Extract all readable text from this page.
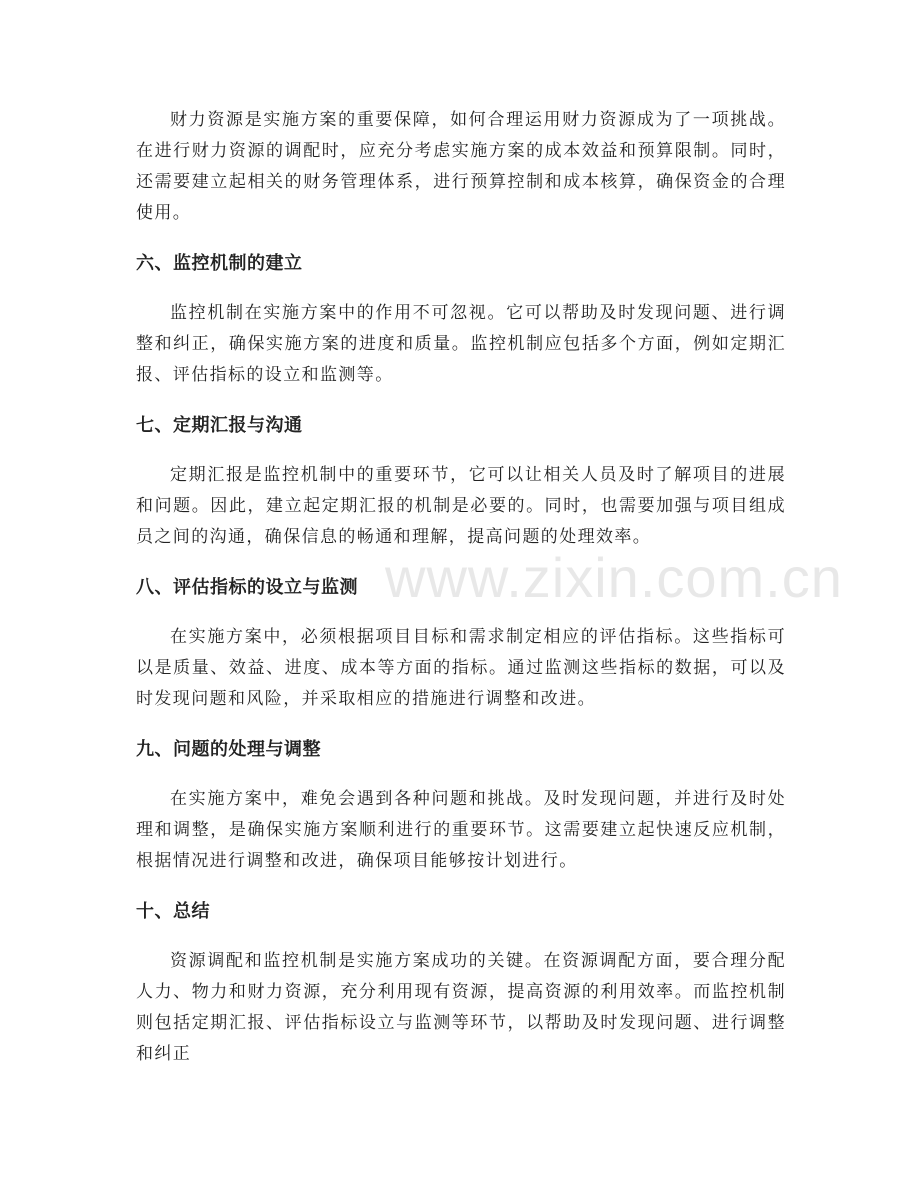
www.zixin.com.cn

财力资源是实施方案的重要保障，如何合理运用财力资源成为了一项挑战。在进行财力资源的调配时，应充分考虑实施方案的成本效益和预算限制。同时，还需要建立起相关的财务管理体系，进行预算控制和成本核算，确保资金的合理使用。

六、监控机制的建立

监控机制在实施方案中的作用不可忽视。它可以帮助及时发现问题、进行调整和纠正，确保实施方案的进度和质量。监控机制应包括多个方面，例如定期汇报、评估指标的设立和监测等。

七、定期汇报与沟通

定期汇报是监控机制中的重要环节，它可以让相关人员及时了解项目的进展和问题。因此，建立起定期汇报的机制是必要的。同时，也需要加强与项目组成员之间的沟通，确保信息的畅通和理解，提高问题的处理效率。

八、评估指标的设立与监测

在实施方案中，必须根据项目目标和需求制定相应的评估指标。这些指标可以是质量、效益、进度、成本等方面的指标。通过监测这些指标的数据，可以及时发现问题和风险，并采取相应的措施进行调整和改进。

九、问题的处理与调整

在实施方案中，难免会遇到各种问题和挑战。及时发现问题，并进行及时处理和调整，是确保实施方案顺利进行的重要环节。这需要建立起快速反应机制，根据情况进行调整和改进，确保项目能够按计划进行。

十、总结

资源调配和监控机制是实施方案成功的关键。在资源调配方面，要合理分配人力、物力和财力资源，充分利用现有资源，提高资源的利用效率。而监控机制则包括定期汇报、评估指标设立与监测等环节，以帮助及时发现问题、进行调整和纠正
